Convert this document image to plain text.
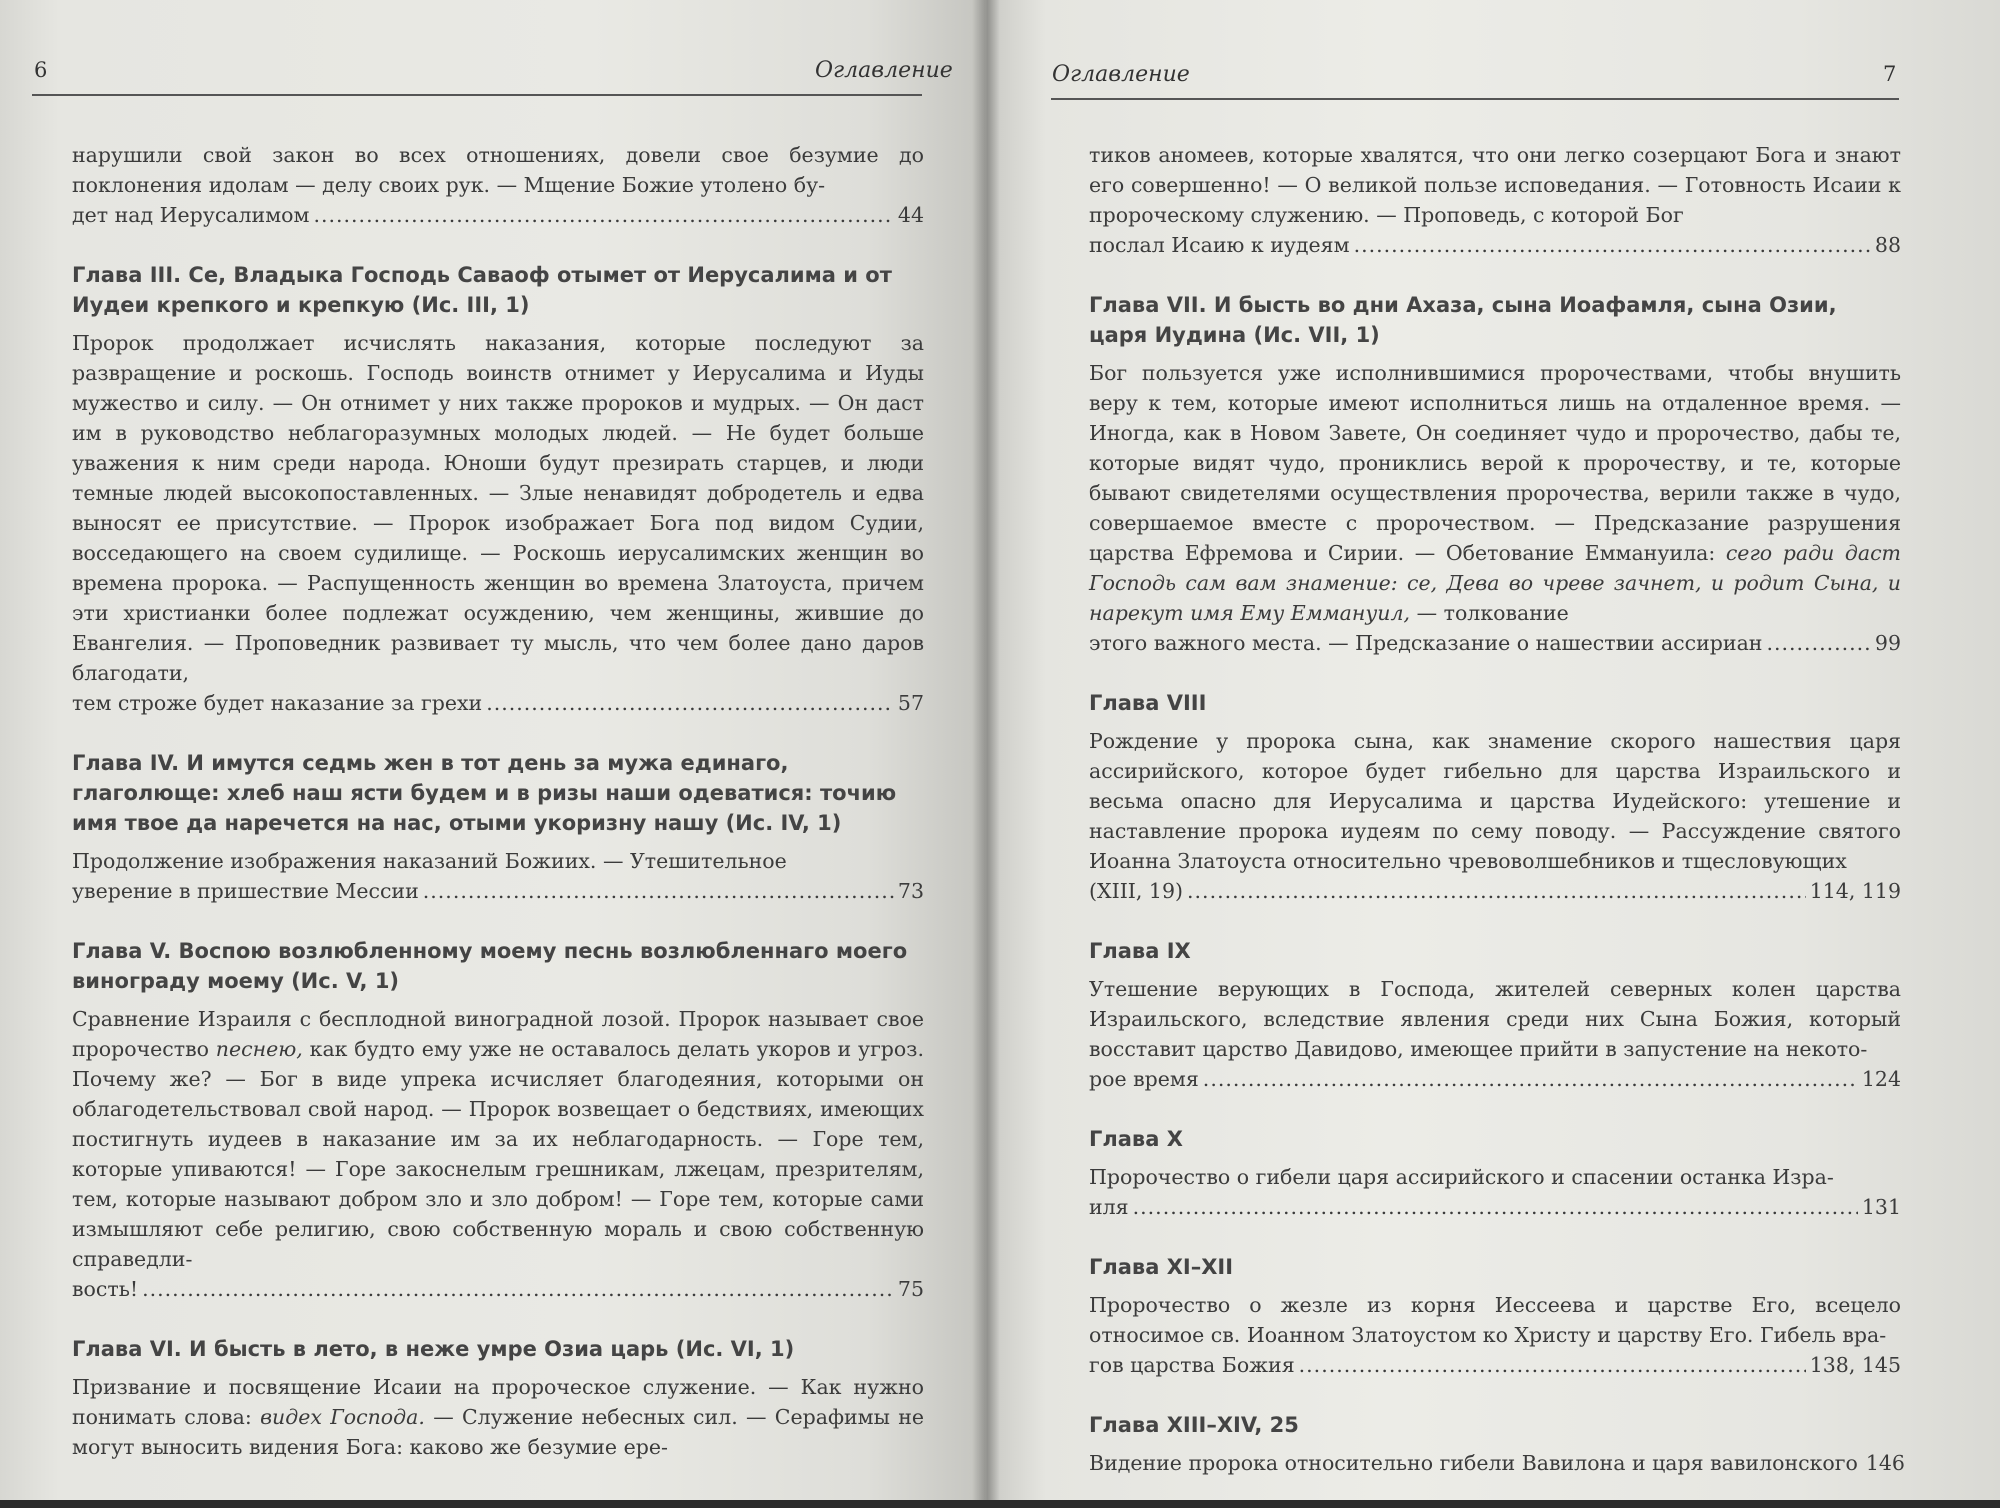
6	Оглавление
нарушили свой закон во всех отношениях, довели свое безумие до поклонения идолам — делу своих рук. — Мщение Божие утолено бу-
дет над Иерусалимом .....	44
Глава III. Се, Владыка Господь Саваоф отымет от Иерусалима и от Иудеи крепкого и крепкую (Ис. III, 1)
Пророк продолжает исчислять наказания, которые последуют за развращение и роскошь. Господь воинств отнимет у Иерусалима и Иуды мужество и силу. — Он отнимет у них также пророков и мудрых. — Он даст им в руководство неблагоразумных молодых людей. — Не будет больше уважения к ним среди народа. Юноши будут презирать старцев, и люди темные людей высокопоставленных. — Злые ненавидят добродетель и едва выносят ее присутствие. — Пророк изображает Бога под видом Судии, восседающего на своем судилище. — Роскошь иерусалимских женщин во времена пророка. — Распущенность женщин во времена Златоуста, причем эти христианки более подлежат осуждению, чем женщины, жившие до Евангелия. — Проповедник развивает ту мысль, что чем более дано даров благодати,
тем строже будет наказание за грехи .....	57
Глава IV. И имутся седмь жен в тот день за мужа единаго, глаголюще: хлеб наш ясти будем и в ризы наши одеватися: точию имя твое да наречется на нас, отыми укоризну нашу (Ис. IV, 1)
Продолжение изображения наказаний Божиих. — Утешительное
уверение в пришествие Мессии .....	73
Глава V. Воспою возлюбленному моему песнь возлюбленнаго моего винограду моему (Ис. V, 1)
Сравнение Израиля с бесплодной виноградной лозой. Пророк называет свое пророчество песнею, как будто ему уже не оставалось делать укоров и угроз. Почему же? — Бог в виде упрека исчисляет благодеяния, которыми он облагодетельствовал свой народ. — Пророк возвещает о бедствиях, имеющих постигнуть иудеев в наказание им за их неблагодарность. — Горе тем, которые упиваются! — Горе закоснелым грешникам, лжецам, презрителям, тем, которые называют добром зло и зло добром! — Горе тем, которые сами измышляют себе религию, свою собственную мораль и свою собственную справедли-
вость! .....	75
Глава VI. И бысть в лето, в неже умре Озиа царь (Ис. VI, 1)
Призвание и посвящение Исаии на пророческое служение. — Как нужно понимать слова: видех Господа. — Служение небесных сил. — Серафимы не могут выносить видения Бога: каково же безумие ере-
Оглавление	7
тиков аномеев, которые хвалятся, что они легко созерцают Бога и знают его совершенно! — О великой пользе исповедания. — Готовность Исаии к пророческому служению. — Проповедь, с которой Бог
послал Исаию к иудеям .....	88
Глава VII. И бысть во дни Ахаза, сына Иоафамля, сына Озии, царя Иудина (Ис. VII, 1)
Бог пользуется уже исполнившимися пророчествами, чтобы внушить веру к тем, которые имеют исполниться лишь на отдаленное время. — Иногда, как в Новом Завете, Он соединяет чудо и пророчество, дабы те, которые видят чудо, прониклись верой к пророчеству, и те, которые бывают свидетелями осуществления пророчества, верили также в чудо, совершаемое вместе с пророчеством. — Предсказание разрушения царства Ефремова и Сирии. — Обетование Еммануила: сего ради даст Господь сам вам знамение: се, Дева во чреве зачнет, и родит Сына, и нарекут имя Ему Еммануил, — толкование
этого важного места. — Предсказание о нашествии ассириан .....	99
Глава VIII
Рождение у пророка сына, как знамение скорого нашествия царя ассирийского, которое будет гибельно для царства Израильского и весьма опасно для Иерусалима и царства Иудейского: утешение и наставление пророка иудеям по сему поводу. — Рассуждение святого Иоанна Златоуста относительно чревоволшебников и тщесловующих
(XIII, 19) .....	114, 119
Глава IX
Утешение верующих в Господа, жителей северных колен царства Израильского, вследствие явления среди них Сына Божия, который восставит царство Давидово, имеющее прийти в запустение на некото-
рое время .....	124
Глава X
Пророчество о гибели царя ассирийского и спасении останка Изра-
иля .....	131
Глава XI–XII
Пророчество о жезле из корня Иессеева и царстве Его, всецело относимое св. Иоанном Златоустом ко Христу и царству Его. Гибель вра-
гов царства Божия .....	138, 145
Глава XIII–XIV, 25
Видение пророка относительно гибели Вавилона и царя вавилонского 146
